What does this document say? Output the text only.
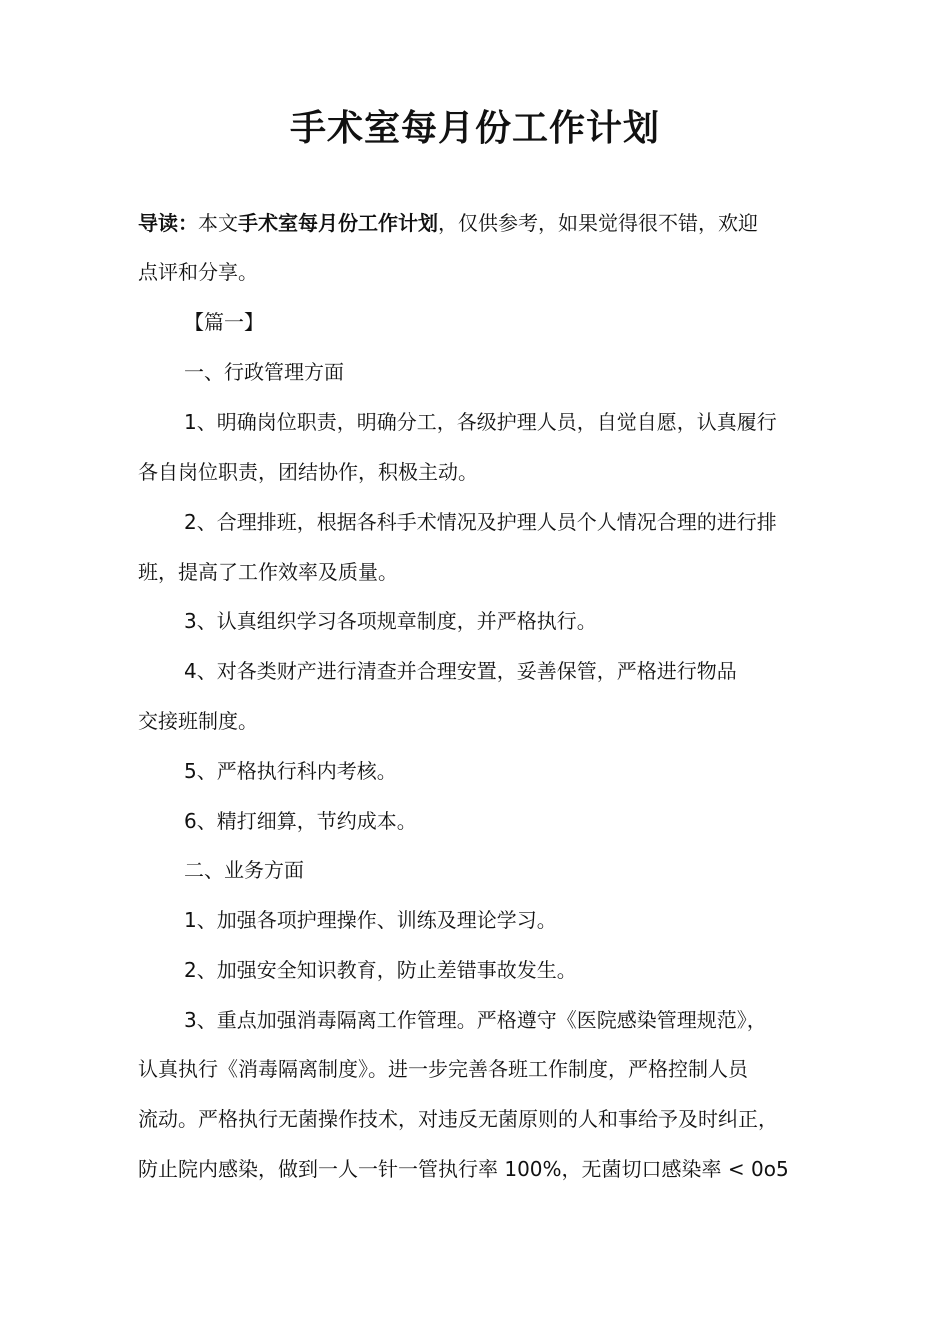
手术室每月份工作计划
导读：本文手术室每月份工作计划，仅供参考，如果觉得很不错，欢迎
点评和分享。
【篇一】
一、行政管理方面
1、明确岗位职责，明确分工，各级护理人员，自觉自愿，认真履行
各自岗位职责，团结协作，积极主动。
2、合理排班，根据各科手术情况及护理人员个人情况合理的进行排
班，提高了工作效率及质量。
3、认真组织学习各项规章制度，并严格执行。
4、对各类财产进行清查并合理安置，妥善保管，严格进行物品
交接班制度。
5、严格执行科内考核。
6、精打细算，节约成本。
二、业务方面
1、加强各项护理操作、训练及理论学习。
2、加强安全知识教育，防止差错事故发生。
3、重点加强消毒隔离工作管理。严格遵守《医院感染管理规范》，
认真执行《消毒隔离制度》。进一步完善各班工作制度，严格控制人员
流动。严格执行无菌操作技术，对违反无菌原则的人和事给予及时纠正，
防止院内感染，做到一人一针一管执行率 100%，无菌切口感染率 < 0o5
